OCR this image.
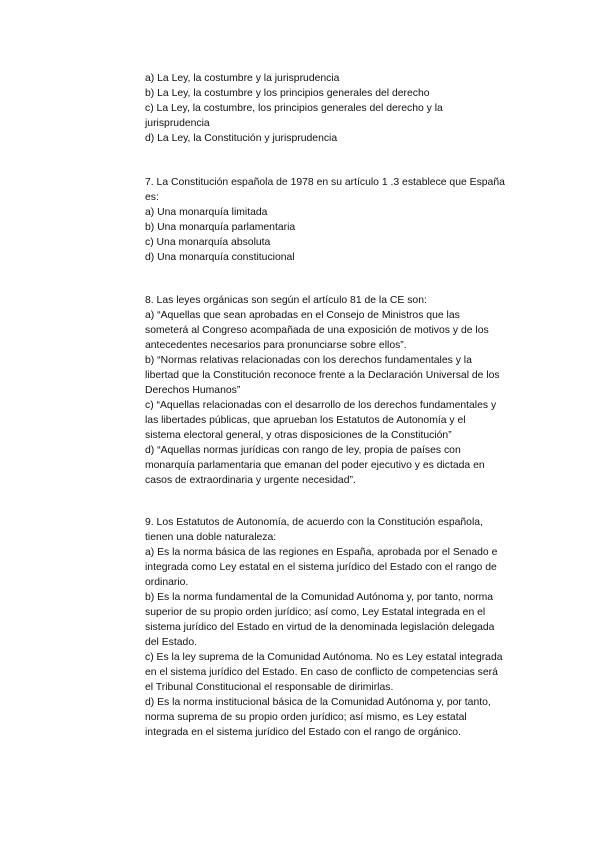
a) La Ley, la costumbre y la jurisprudencia
b) La Ley, la costumbre y los principios generales del derecho
c) La Ley, la costumbre, los principios generales del derecho y la
jurisprudencia
d) La Ley, la Constitución y jurisprudencia
7. La Constitución española de 1978 en su artículo 1 .3 establece que España
es:
a) Una monarquía limitada
b) Una monarquía parlamentaria
c) Una monarquía absoluta
d) Una monarquía constitucional
8. Las leyes orgánicas son según el artículo 81 de la CE son:
a) “Aquellas que sean aprobadas en el Consejo de Ministros que las
someterá al Congreso acompañada de una exposición de motivos y de los
antecedentes necesarios para pronunciarse sobre ellos”.
b) “Normas relativas relacionadas con los derechos fundamentales y la
libertad que la Constitución reconoce frente a la Declaración Universal de los
Derechos Humanos”
c) “Aquellas relacionadas con el desarrollo de los derechos fundamentales y
las libertades públicas, que aprueban los Estatutos de Autonomía y el
sistema electoral general, y otras disposiciones de la Constitución”
d) “Aquellas normas jurídicas con rango de ley, propia de países con
monarquía parlamentaria que emanan del poder ejecutivo y es dictada en
casos de extraordinaria y urgente necesidad”.
9. Los Estatutos de Autonomía, de acuerdo con la Constitución española,
tienen una doble naturaleza:
a) Es la norma básica de las regiones en España, aprobada por el Senado e
integrada como Ley estatal en el sistema jurídico del Estado con el rango de
ordinario.
b) Es la norma fundamental de la Comunidad Autónoma y, por tanto, norma
superior de su propio orden jurídico; así como, Ley Estatal integrada en el
sistema jurídico del Estado en virtud de la denominada legislación delegada
del Estado.
c) Es la ley suprema de la Comunidad Autónoma. No es Ley estatal integrada
en el sistema jurídico del Estado. En caso de conflicto de competencias será
el Tribunal Constitucional el responsable de dirimirlas.
d) Es la norma institucional básica de la Comunidad Autónoma y, por tanto,
norma suprema de su propio orden jurídico; así mismo, es Ley estatal
integrada en el sistema jurídico del Estado con el rango de orgánico.
